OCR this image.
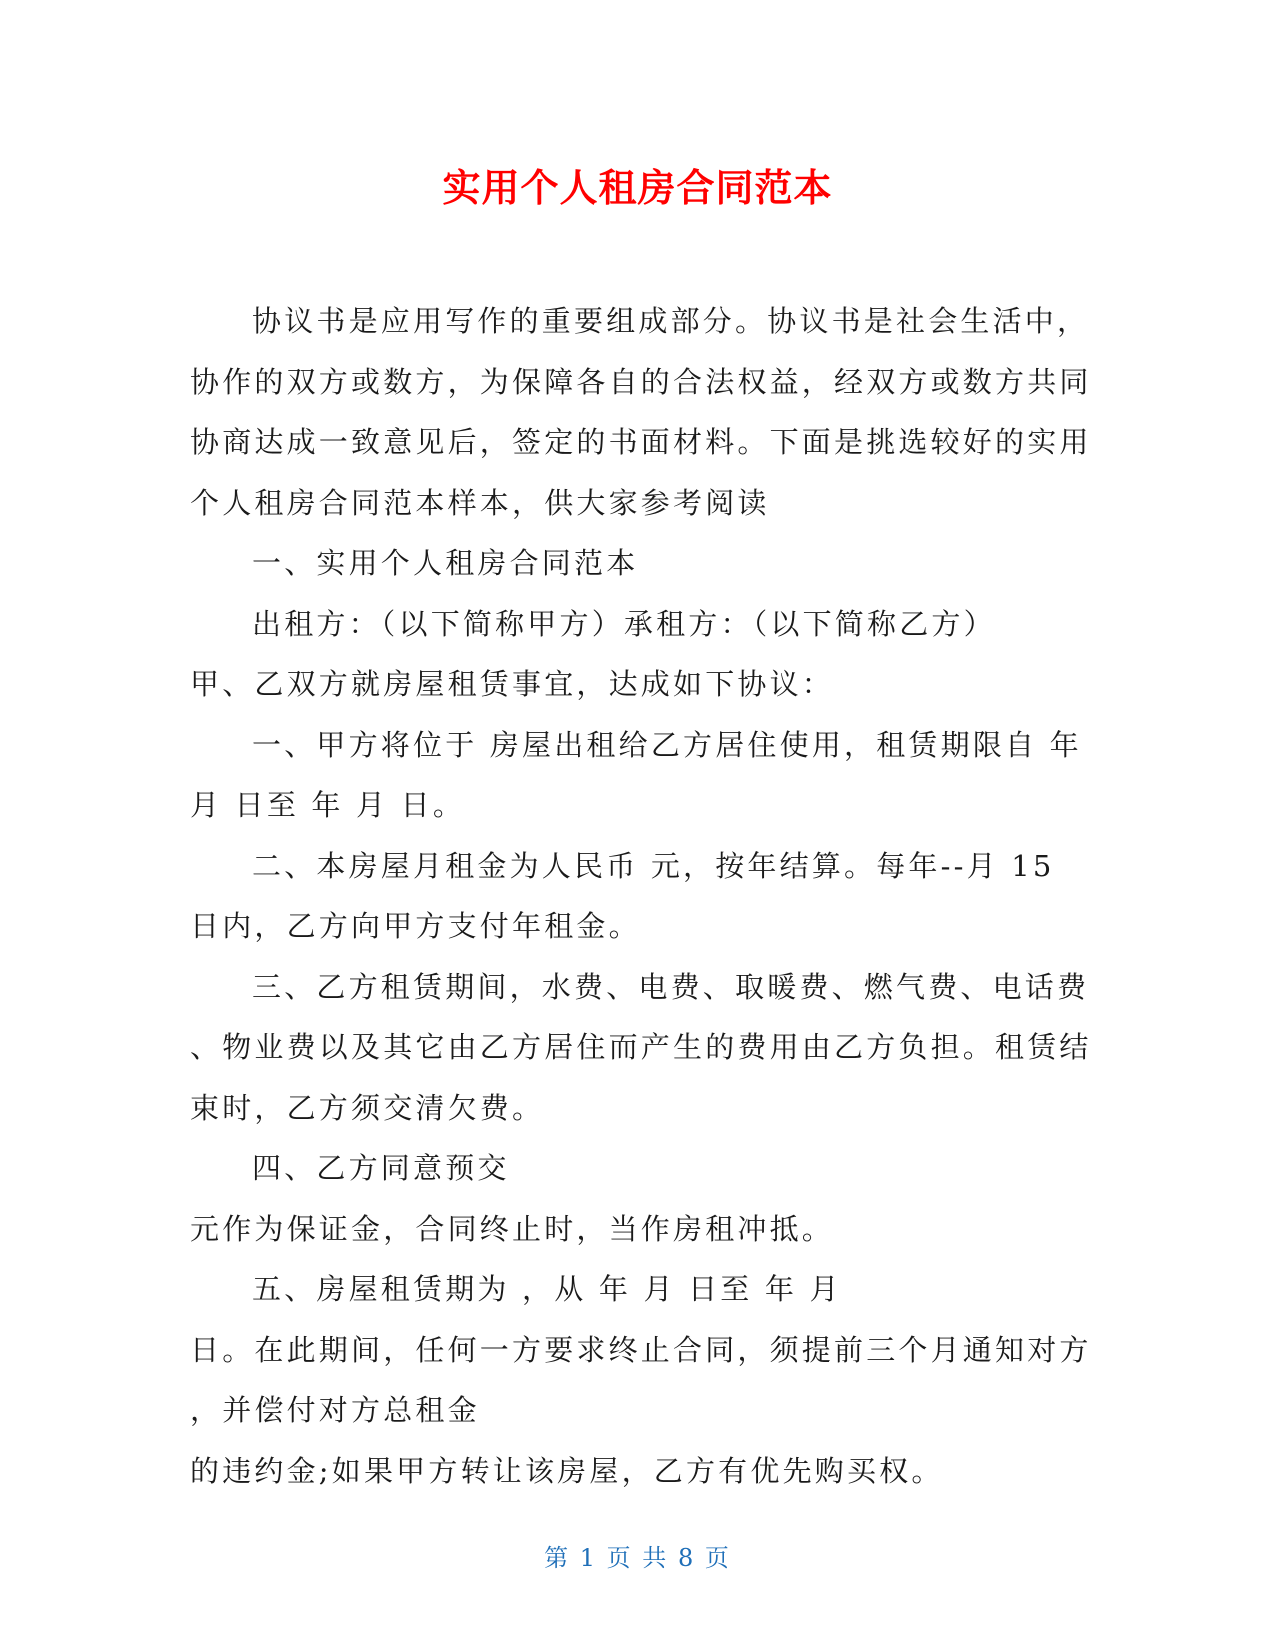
实用个人租房合同范本
协议书是应用写作的重要组成部分。协议书是社会生活中，
协作的双方或数方，为保障各自的合法权益，经双方或数方共同
协商达成一致意见后，签定的书面材料。下面是挑选较好的实用
个人租房合同范本样本，供大家参考阅读
一、实用个人租房合同范本
出租方：（以下简称甲方）承租方：（以下简称乙方）
甲、乙双方就房屋租赁事宜，达成如下协议：
一、甲方将位于 房屋出租给乙方居住使用，租赁期限自 年
月 日至 年 月 日。
二、本房屋月租金为人民币 元，按年结算。每年--月 15
日内，乙方向甲方支付年租金。
三、乙方租赁期间，水费、电费、取暖费、燃气费、电话费
、物业费以及其它由乙方居住而产生的费用由乙方负担。租赁结
束时，乙方须交清欠费。
四、乙方同意预交
元作为保证金，合同终止时，当作房租冲抵。
五、房屋租赁期为 ，从 年 月 日至 年 月
日。在此期间，任何一方要求终止合同，须提前三个月通知对方
，并偿付对方总租金
的违约金;如果甲方转让该房屋，乙方有优先购买权。
第 1 页 共 8 页
